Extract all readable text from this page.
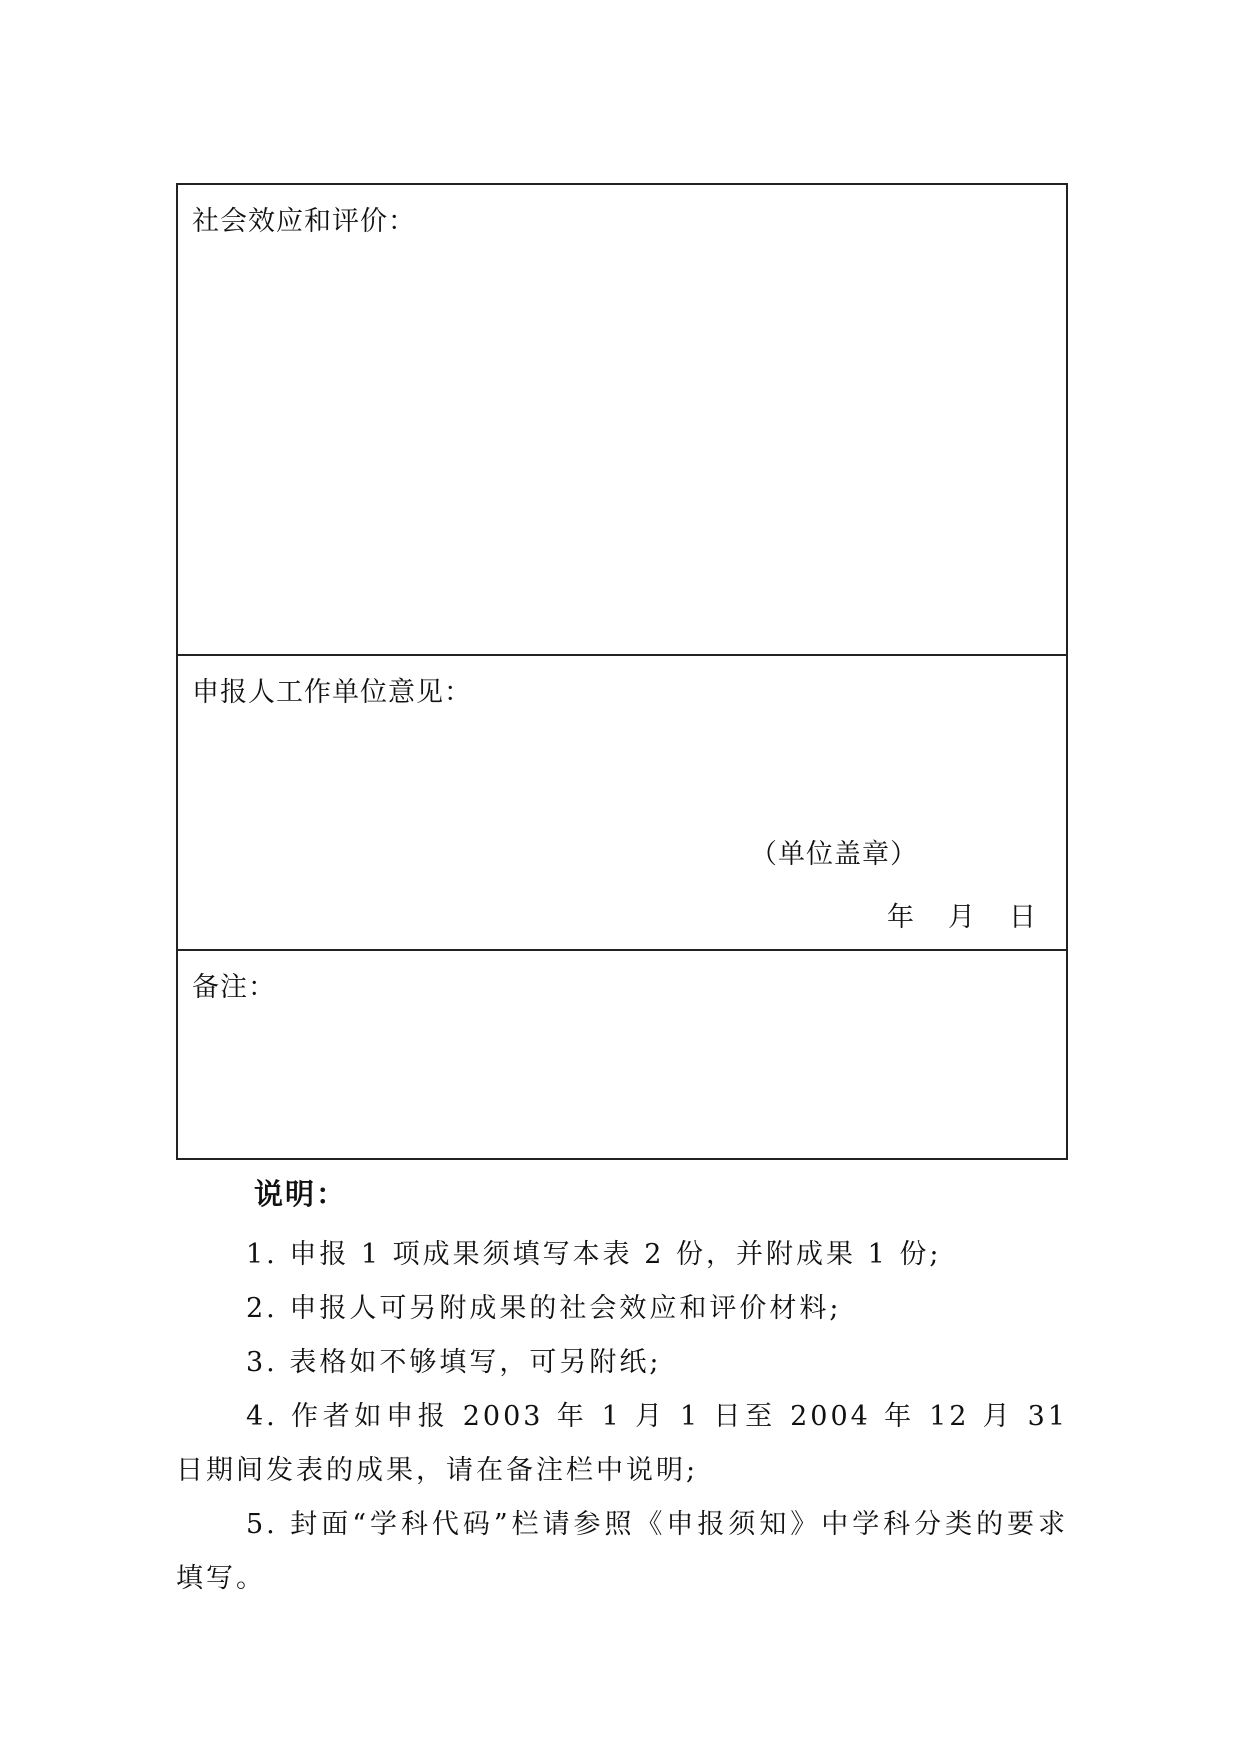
社会效应和评价：
申报人工作单位意见：
（单位盖章）
年 月 日
备注：
说明：
1. 申报 1 项成果须填写本表 2 份，并附成果 1 份;
2. 申报人可另附成果的社会效应和评价材料;
3. 表格如不够填写，可另附纸;
4. 作者如申报 2003 年 1 月 1 日至 2004 年 12 月 31 日期间发表的成果，请在备注栏中说明;
5. 封面“学科代码”栏请参照《申报须知》中学科分类的要求填写。
